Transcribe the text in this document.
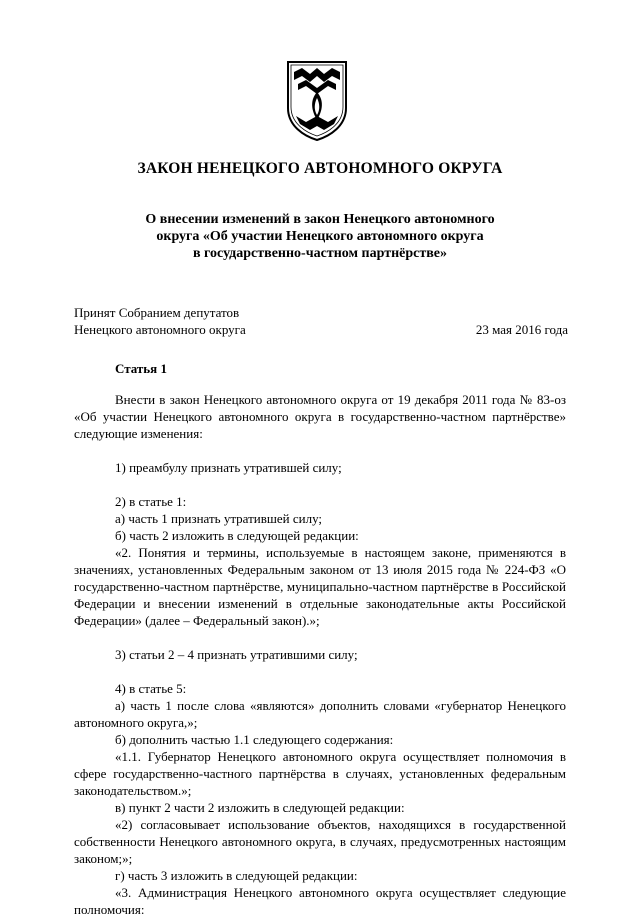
ЗАКОН НЕНЕЦКОГО АВТОНОМНОГО ОКРУГА
О внесении изменений в закон Ненецкого автономного
округа «Об участии Ненецкого автономного округа
в государственно-частном партнёрстве»
Принят Собранием депутатов
Ненецкого автономного округа	23 мая 2016 года
Статья 1

Внести в закон Ненецкого автономного округа от 19 декабря 2011 года № 83-оз «Об участии Ненецкого автономного округа в государственно-частном партнёрстве» следующие изменения:

1) преамбулу признать утратившей силу;

2) в статье 1:

а) часть 1 признать утратившей силу;

б) часть 2 изложить в следующей редакции:

«2. Понятия и термины, используемые в настоящем законе, применяются в значениях, установленных Федеральным законом от 13 июля 2015 года № 224-ФЗ «О государственно-частном партнёрстве, муниципально-частном партнёрстве в Российской Федерации и внесении изменений в отдельные законодательные акты Российской Федерации» (далее – Федеральный закон).»;

3) статьи 2 – 4 признать утратившими силу;

4) в статье 5:

а) часть 1 после слова «являются» дополнить словами «губернатор Ненецкого автономного округа,»;

б) дополнить частью 1.1 следующего содержания:

«1.1. Губернатор Ненецкого автономного округа осуществляет полномочия в сфере государственно-частного партнёрства в случаях, установленных федеральным законодательством.»;

в) пункт 2 части 2 изложить в следующей редакции:

«2) согласовывает использование объектов, находящихся в государственной собственности Ненецкого автономного округа, в случаях, предусмотренных настоящим законом;»;

г) часть 3 изложить в следующей редакции:

«3. Администрация Ненецкого автономного округа осуществляет следующие полномочия:
